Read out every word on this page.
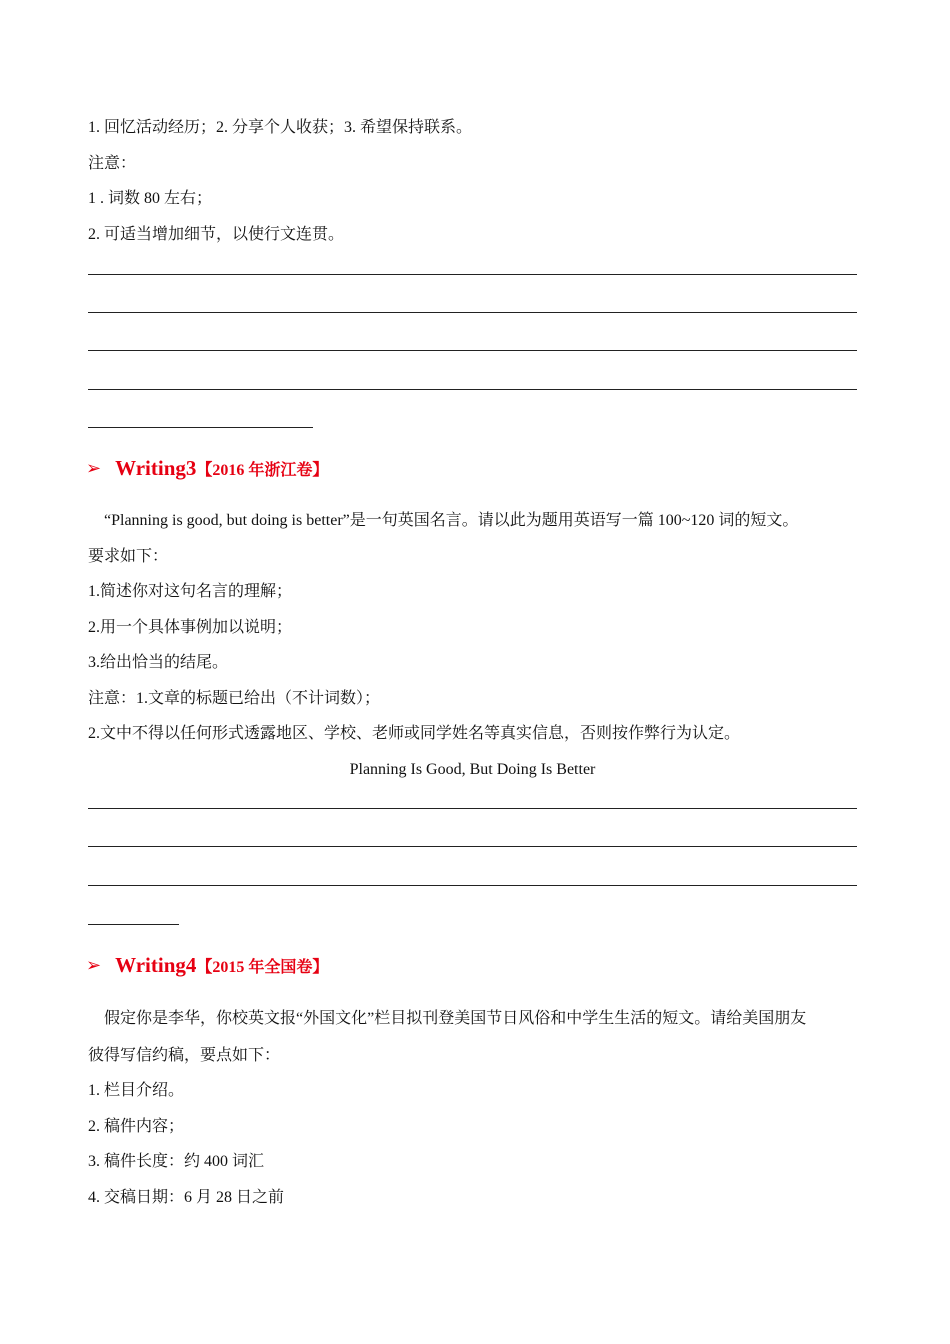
1. 回忆活动经历；2. 分享个人收获；3. 希望保持联系。

注意：

1 . 词数 80 左右；

2. 可适当增加细节，以使行文连贯。

➢ Writing3【2016 年浙江卷】

“Planning is good, but doing is better”是一句英国名言。请以此为题用英语写一篇 100~120 词的短文。

要求如下：

1.简述你对这句名言的理解；

2.用一个具体事例加以说明；

3.给出恰当的结尾。

注意：1.文章的标题已给出（不计词数）；

2.文中不得以任何形式透露地区、学校、老师或同学姓名等真实信息，否则按作弊行为认定。

Planning Is Good, But Doing Is Better

➢ Writing4【2015 年全国卷】

假定你是李华，你校英文报“外国文化”栏目拟刊登美国节日风俗和中学生生活的短文。请给美国朋友

彼得写信约稿，要点如下：

1. 栏目介绍。

2. 稿件内容；

3. 稿件长度：约 400 词汇

4. 交稿日期：6 月 28 日之前
